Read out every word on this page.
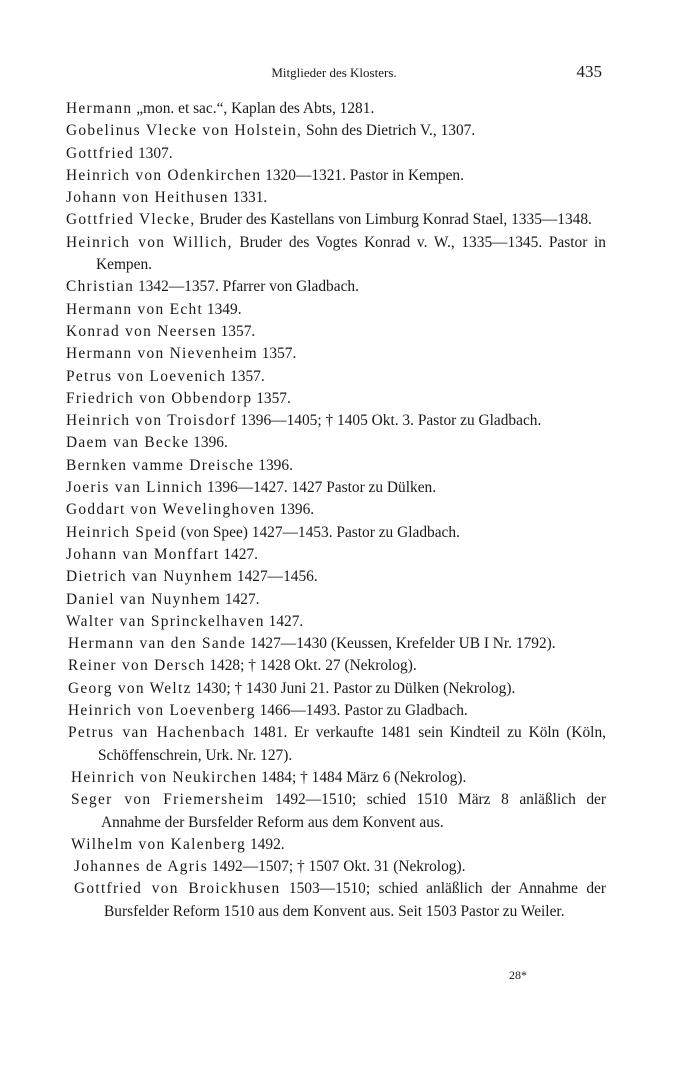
Mitglieder des Klosters.	435
Hermann „mon. et sac.“, Kaplan des Abts, 1281.
Gobelinus Vlecke von Holstein, Sohn des Dietrich V., 1307.
Gottfried 1307.
Heinrich von Odenkirchen 1320—1321. Pastor in Kempen.
Johann von Heithusen 1331.
Gottfried Vlecke, Bruder des Kastellans von Limburg Konrad Stael, 1335—1348.
Heinrich von Willich, Bruder des Vogtes Konrad v. W., 1335—1345. Pastor in Kempen.
Christian 1342—1357. Pfarrer von Gladbach.
Hermann von Echt 1349.
Konrad von Neersen 1357.
Hermann von Nievenheim 1357.
Petrus von Loevenich 1357.
Friedrich von Obbendorp 1357.
Heinrich von Troisdorf 1396—1405; † 1405 Okt. 3. Pastor zu Gladbach.
Daem van Becke 1396.
Bernken vamme Dreische 1396.
Joeris van Linnich 1396—1427. 1427 Pastor zu Dülken.
Goddart von Wevelinghoven 1396.
Heinrich Speid (von Spee) 1427—1453. Pastor zu Gladbach.
Johann van Monffart 1427.
Dietrich van Nuynhem 1427—1456.
Daniel van Nuynhem 1427.
Walter van Sprinckelhaven 1427.
Hermann van den Sande 1427—1430 (Keussen, Krefelder UB I Nr. 1792).
Reiner von Dersch 1428; † 1428 Okt. 27 (Nekrolog).
Georg von Weltz 1430; † 1430 Juni 21. Pastor zu Dülken (Nekrolog).
Heinrich von Loevenberg 1466—1493. Pastor zu Gladbach.
Petrus van Hachenbach 1481. Er verkaufte 1481 sein Kindteil zu Köln (Köln, Schöffenschrein, Urk. Nr. 127).
Heinrich von Neukirchen 1484; † 1484 März 6 (Nekrolog).
Seger von Friemersheim 1492—1510; schied 1510 März 8 anläßlich der Annahme der Bursfelder Reform aus dem Konvent aus.
Wilhelm von Kalenberg 1492.
Johannes de Agris 1492—1507; † 1507 Okt. 31 (Nekrolog).
Gottfried von Broickhusen 1503—1510; schied anläßlich der Annahme der Bursfelder Reform 1510 aus dem Konvent aus. Seit 1503 Pastor zu Weiler.
28*
